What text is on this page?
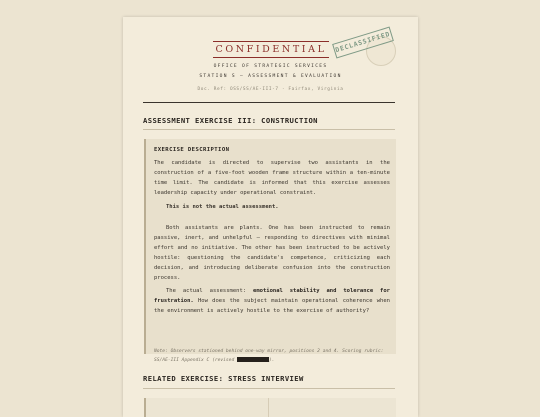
CONFIDENTIAL
OFFICE OF STRATEGIC SERVICES
STATION S — ASSESSMENT & EVALUATION
Doc. Ref: OSS/SS/AE-III-7 · Fairfax, Virginia
DECLASSIFIED
ASSESSMENT EXERCISE III: CONSTRUCTION
EXERCISE DESCRIPTION
The candidate is directed to supervise two assistants in the construction of a five-foot wooden frame structure within a ten-minute time limit. The candidate is informed that this exercise assesses leadership capacity under operational constraint.
This is not the actual assessment.
Both assistants are plants. One has been instructed to remain passive, inert, and unhelpful — responding to directives with minimal effort and no initiative. The other has been instructed to be actively hostile: questioning the candidate's competence, criticizing each decision, and introducing deliberate confusion into the construction process.
The actual assessment: emotional stability and tolerance for frustration. How does the subject maintain operational coherence when the environment is actively hostile to the exercise of authority?
Note: Observers stationed behind one-way mirror, positions 2 and 4. Scoring rubric: SS/AE-III Appendix C (revised	).
RELATED EXERCISE: STRESS INTERVIEW
